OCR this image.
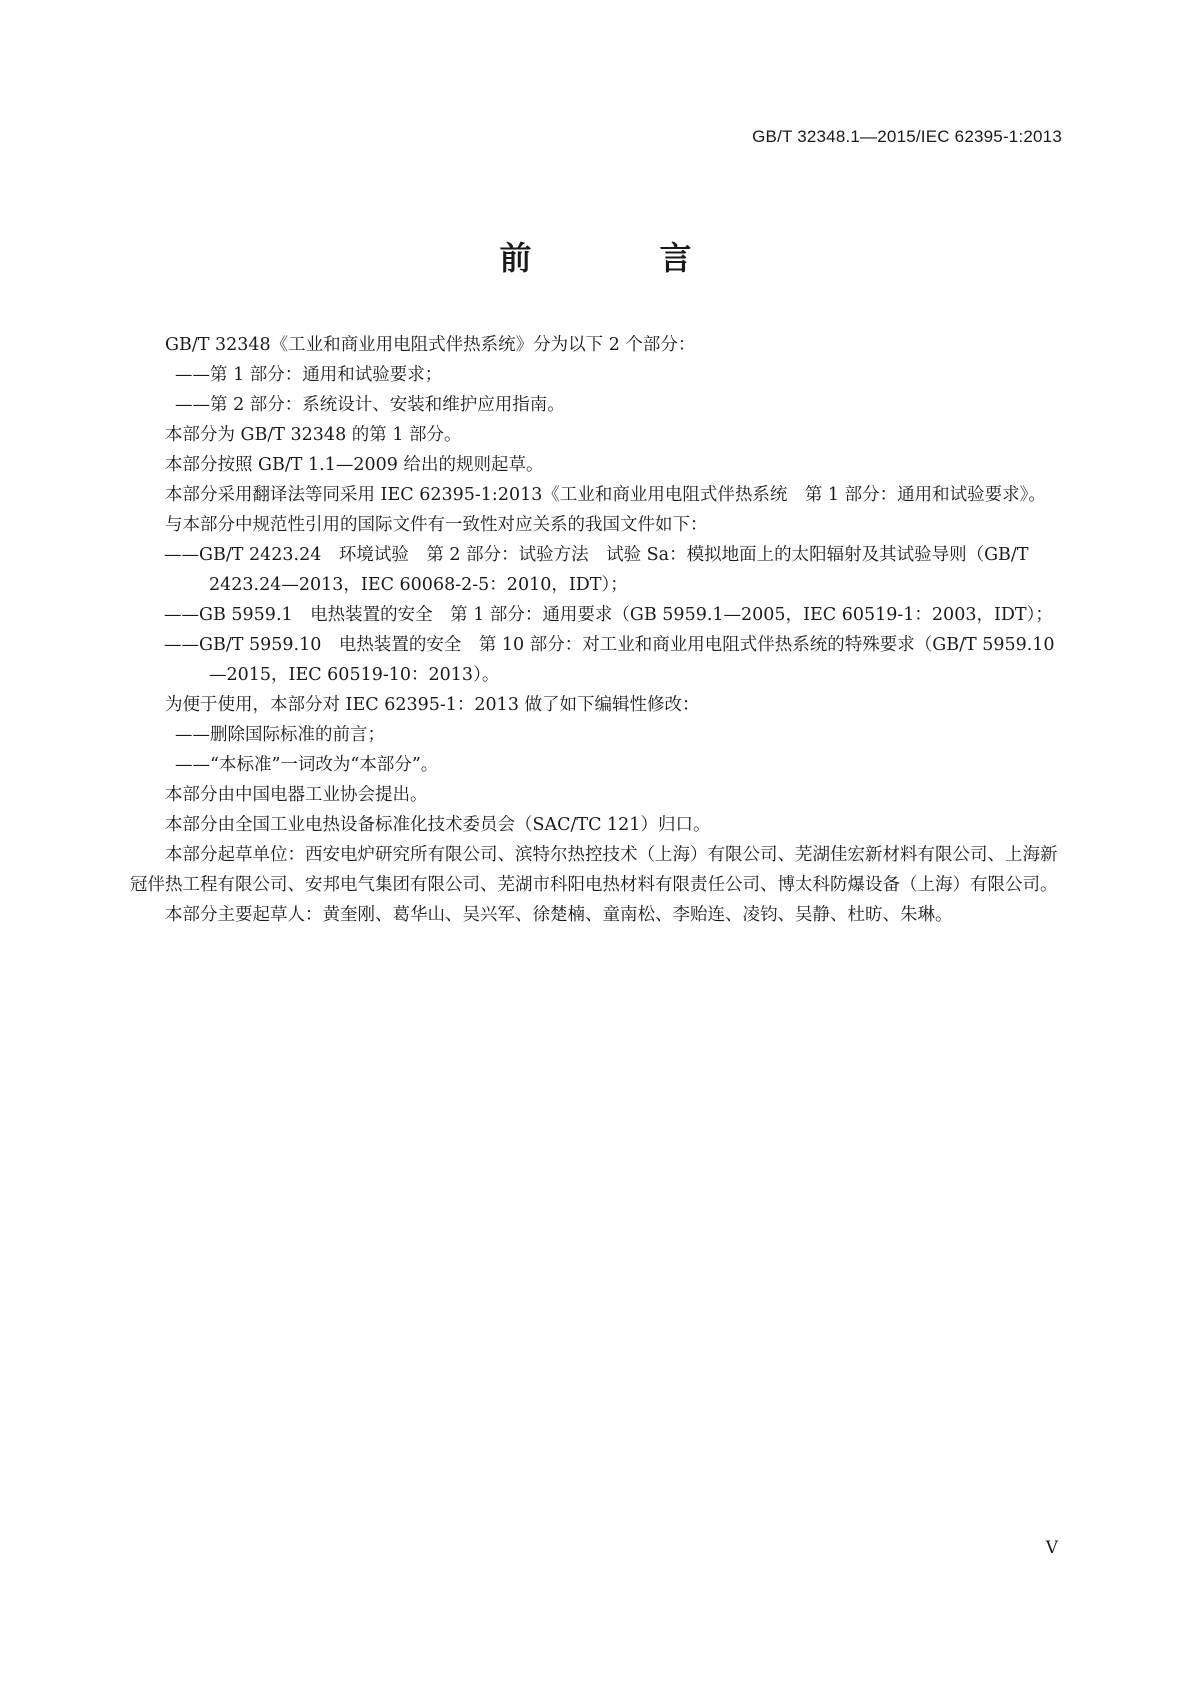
GB/T 32348.1—2015/IEC 62395-1:2013
前　言

GB/T 32348《工业和商业用电阻式伴热系统》分为以下 2 个部分：

——第 1 部分：通用和试验要求；

——第 2 部分：系统设计、安装和维护应用指南。

本部分为 GB/T 32348 的第 1 部分。

本部分按照 GB/T 1.1—2009 给出的规则起草。

本部分采用翻译法等同采用 IEC 62395-1:2013《工业和商业用电阻式伴热系统　第 1 部分：通用和试验要求》。

与本部分中规范性引用的国际文件有一致性对应关系的我国文件如下：

——GB/T 2423.24　环境试验　第 2 部分：试验方法　试验 Sa：模拟地面上的太阳辐射及其试验导则（GB/T 2423.24—2013，IEC 60068-2-5：2010，IDT）；

——GB 5959.1　电热装置的安全　第 1 部分：通用要求（GB 5959.1—2005，IEC 60519-1：2003，IDT）；

——GB/T 5959.10　电热装置的安全　第 10 部分：对工业和商业用电阻式伴热系统的特殊要求（GB/T 5959.10—2015，IEC 60519-10：2013）。

为便于使用，本部分对 IEC 62395-1：2013 做了如下编辑性修改：

——删除国际标准的前言；

——“本标准”一词改为“本部分”。

本部分由中国电器工业协会提出。

本部分由全国工业电热设备标准化技术委员会（SAC/TC 121）归口。

本部分起草单位：西安电炉研究所有限公司、滨特尔热控技术（上海）有限公司、芜湖佳宏新材料有限公司、上海新冠伴热工程有限公司、安邦电气集团有限公司、芜湖市科阳电热材料有限责任公司、博太科防爆设备（上海）有限公司。

本部分主要起草人：黄奎刚、葛华山、吴兴军、徐楚楠、童南松、李贻连、凌钧、吴静、杜昉、朱琳。

Ⅴ
